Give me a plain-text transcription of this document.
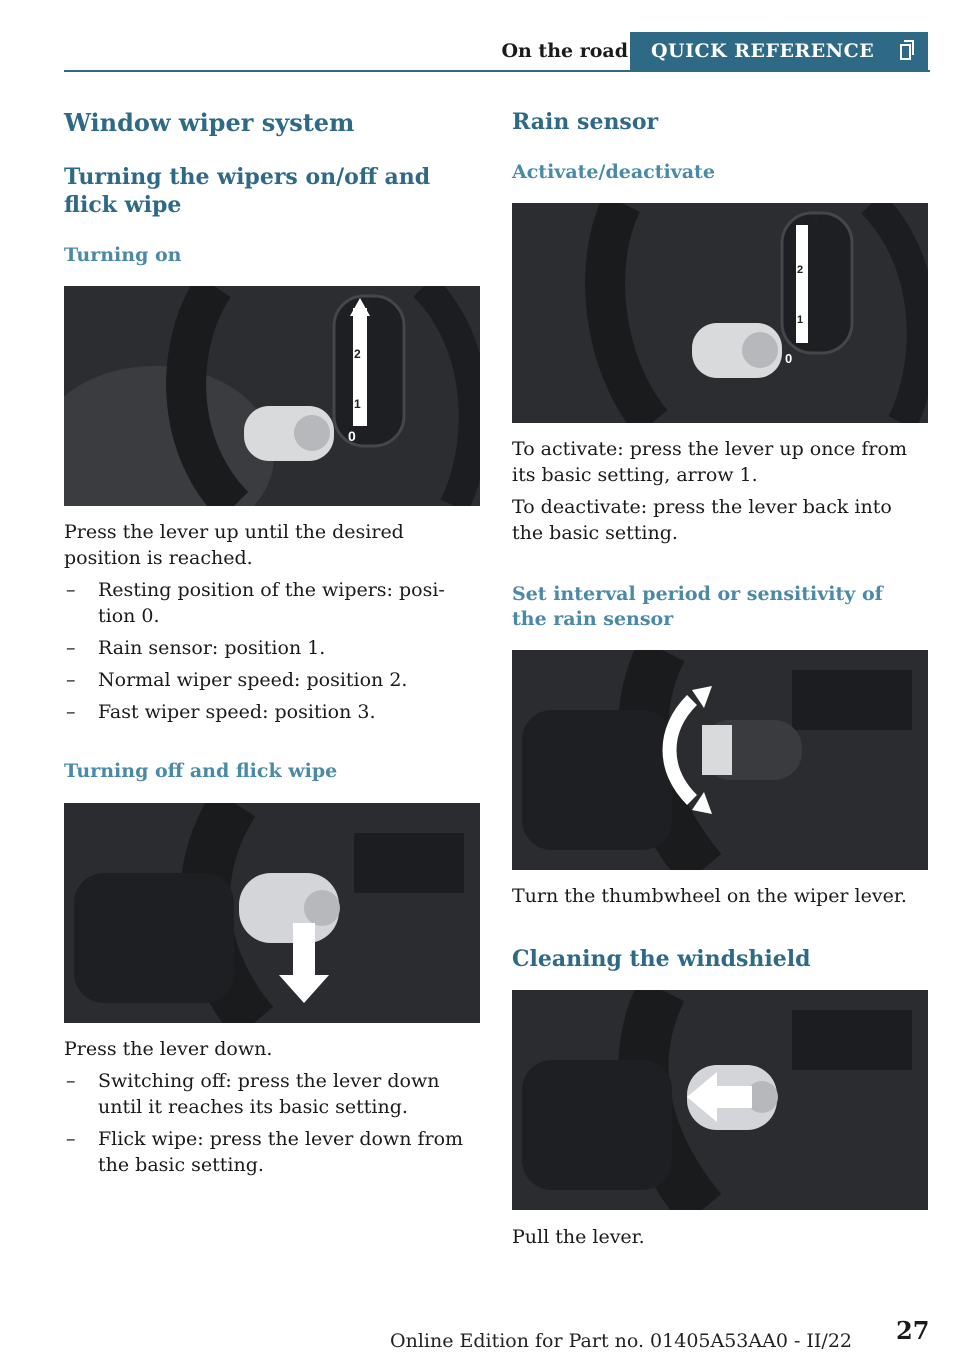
On the road	QUICK REFERENCE
Window wiper system
Turning the wipers on/off and flick wipe
Turning on
0
1
2
3
Press the lever up until the desired position is reached.
– Resting position of the wipers: posi‐tion 0.
– Rain sensor: position 1.
– Normal wiper speed: position 2.
– Fast wiper speed: position 3.
Turning off and flick wipe
Press the lever down.
– Switching off: press the lever down until it reaches its basic setting.
– Flick wipe: press the lever down from the basic setting.
Rain sensor
Activate/deactivate
0
1
2
3
To activate: press the lever up once from its basic setting, arrow 1.
To deactivate: press the lever back into the basic setting.
Set interval period or sensitivity of the rain sensor
Turn the thumbwheel on the wiper lever.
Cleaning the windshield
Pull the lever.
Online Edition for Part no. 01405A53AA0 - II/22 27
